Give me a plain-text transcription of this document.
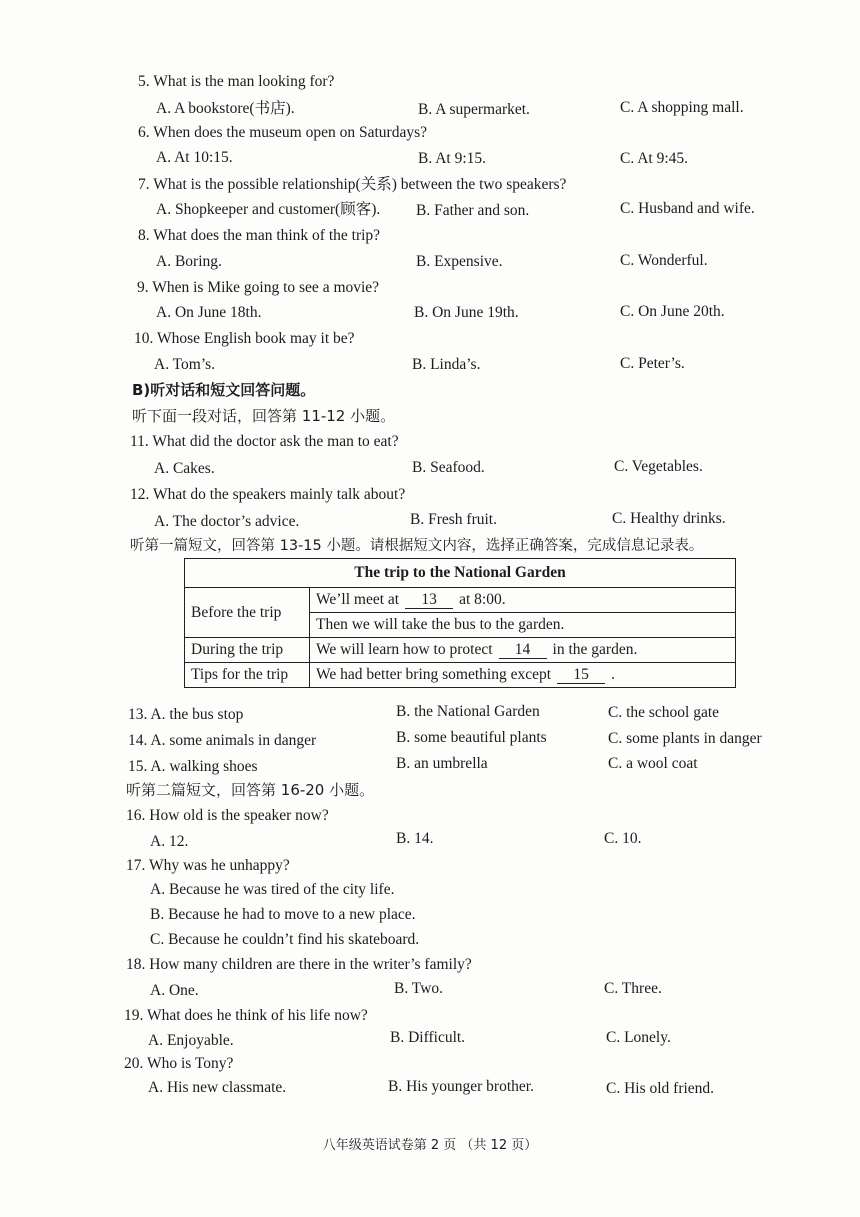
5. What is the man looking for?
A. A bookstore(书店).	B. A supermarket.	C. A shopping mall.
6. When does the museum open on Saturdays?
A. At 10:15.	B. At 9:15.	C. At 9:45.
7. What is the possible relationship(关系) between the two speakers?
A. Shopkeeper and customer(顾客). B. Father and son.	C. Husband and wife.
8. What does the man think of the trip?
A. Boring.	B. Expensive.	C. Wonderful.
9. When is Mike going to see a movie?
A. On June 18th.	B. On June 19th.	C. On June 20th.
10. Whose English book may it be?
A. Tom’s.	B. Linda’s.	C. Peter’s.
B)听对话和短文回答问题。
听下面一段对话，回答第 11-12 小题。
11. What did the doctor ask the man to eat?
A. Cakes.	B. Seafood.	C. Vegetables.
12. What do the speakers mainly talk about?
A. The doctor’s advice.	B. Fresh fruit.	C. Healthy drinks.
听第一篇短文，回答第 13-15 小题。请根据短文内容，选择正确答案，完成信息记录表。
The trip to the National Garden	
Before the trip	We’ll meet at 13 at 8:00.
	Then we will take the bus to the garden.
During the trip	We will learn how to protect 14 in the garden.
Tips for the trip	We had better bring something except 15 .
13. A. the bus stop	B. the National Garden	C. the school gate
14. A. some animals in danger	B. some beautiful plants	C. some plants in danger
15. A. walking shoes	B. an umbrella	C. a wool coat
听第二篇短文，回答第 16-20 小题。
16. How old is the speaker now?
A. 12.	B. 14.	C. 10.
17. Why was he unhappy?
A. Because he was tired of the city life.
B. Because he had to move to a new place.
C. Because he couldn’t find his skateboard.
18. How many children are there in the writer’s family?
A. One.	B. Two.	C. Three.
19. What does he think of his life now?
A. Enjoyable.	B. Difficult.	C. Lonely.
20. Who is Tony?
A. His new classmate.	B. His younger brother.	C. His old friend.
八年级英语试卷第 2 页 （共 12 页）
